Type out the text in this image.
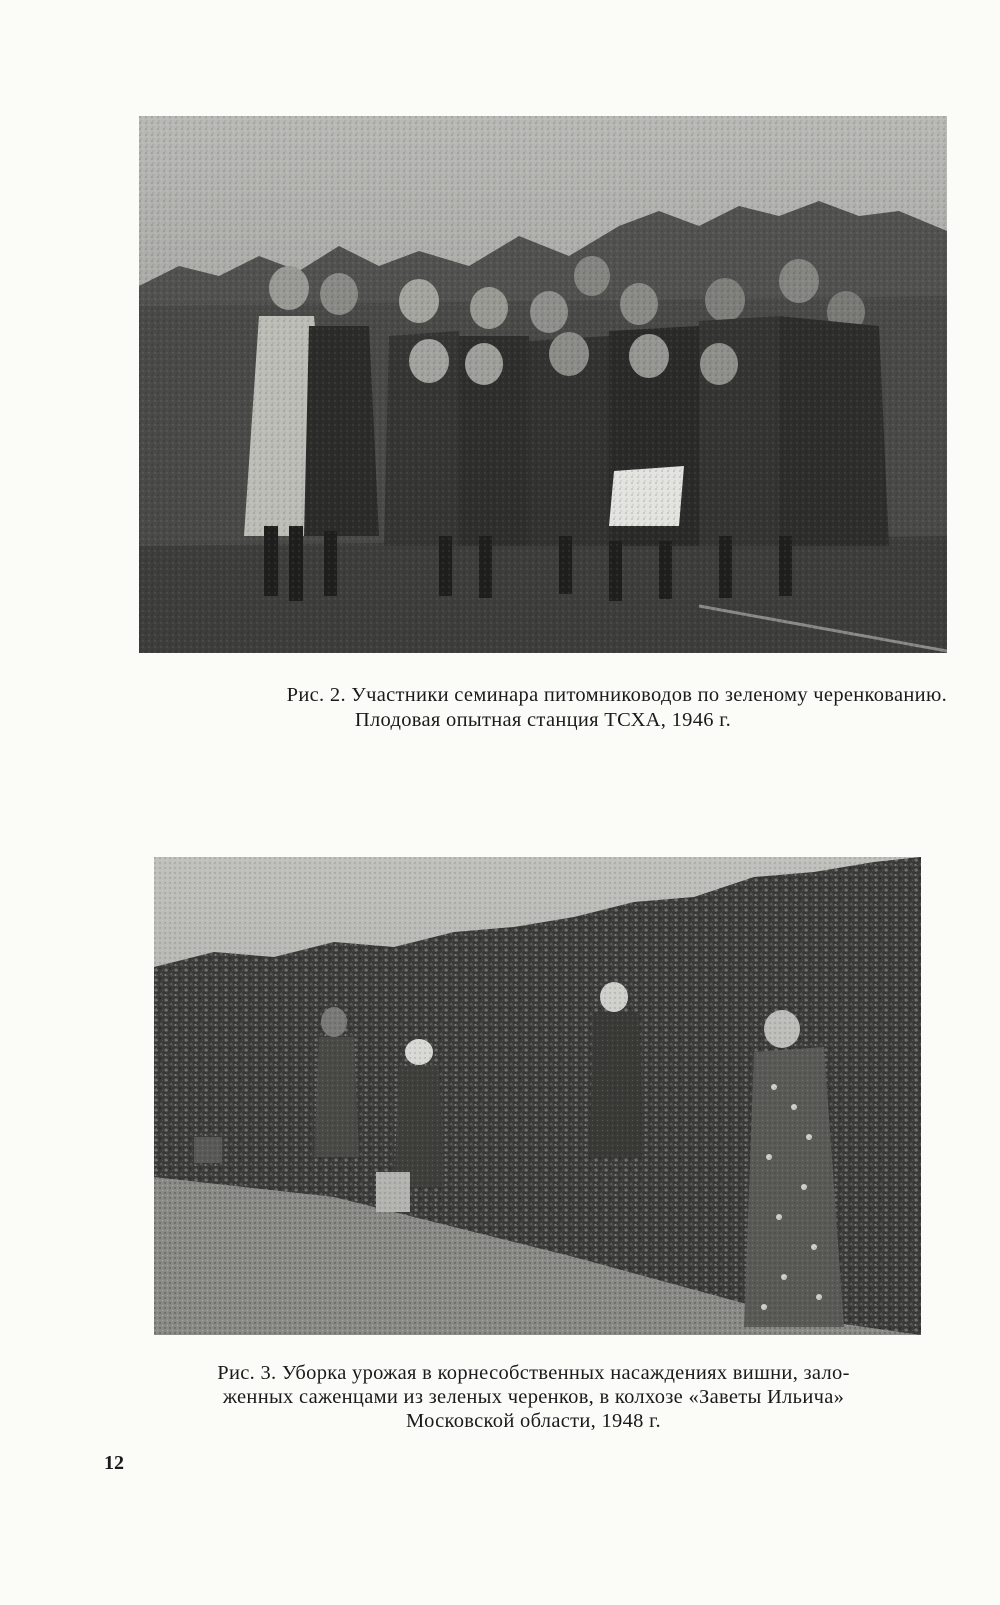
Рис. 2. Участники семинара питомниководов по зеленому черенкованию.
Плодовая опытная станция ТСХА, 1946 г.
Рис. 3. Уборка урожая в корнесобственных насаждениях вишни, зало-
женных саженцами из зеленых черенков, в колхозе «Заветы Ильича»
Московской области, 1948 г.
12
